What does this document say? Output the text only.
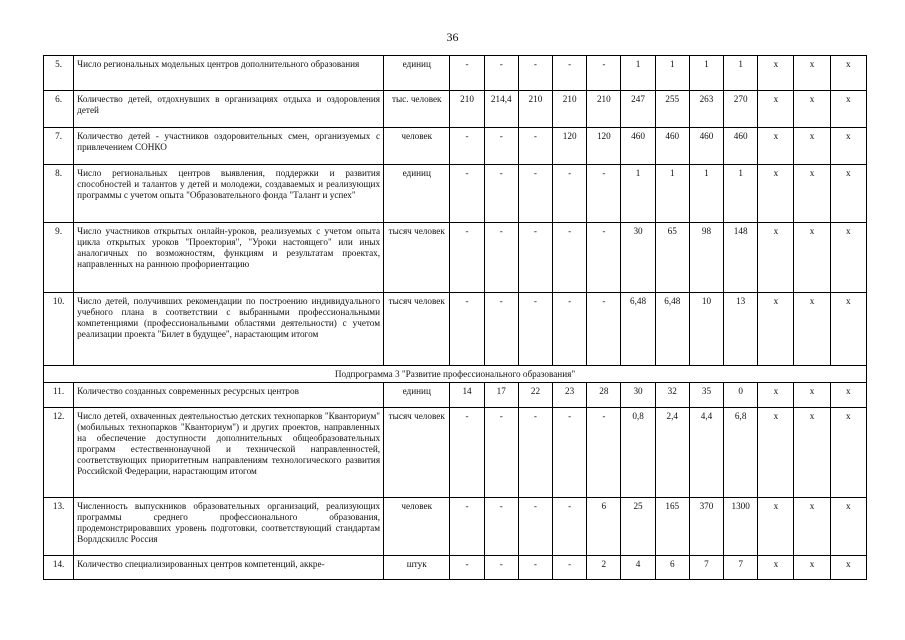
36
5.	Число региональных модельных центров дополнительного образования	единиц	-	-	-	-	-	1	1	1	1	x	x	x
6.	Количество детей, отдохнувших в организациях отдыха и оздоровления детей	тыс. человек	210	214,4	210	210	210	247	255	263	270	x	x	x
7.	Количество детей - участников оздоровительных смен, организуемых с привлечением СОНКО	человек	-	-	-	120	120	460	460	460	460	x	x	x
8.	Число региональных центров выявления, поддержки и развития способностей и талантов у детей и молодежи, создаваемых и реализующих программы с учетом опыта "Образовательного фонда "Талант и успех"	единиц	-	-	-	-	-	1	1	1	1	x	x	x
9.	Число участников открытых онлайн-уроков, реализуемых с учетом опыта цикла открытых уроков "Проектория", "Уроки настоящего" или иных аналогичных по возможностям, функциям и результатам проектах, направленных на раннюю профориентацию	тысяч человек	-	-	-	-	-	30	65	98	148	x	x	x
10.	Число детей, получивших рекомендации по построению индивидуального учебного плана в соответствии с выбранными профессиональными компетенциями (профессиональными областями деятельности) с учетом реализации проекта "Билет в будущее", нарастающим итогом	тысяч человек	-	-	-	-	-	6,48	6,48	10	13	x	x	x
Подпрограмма 3 "Развитие профессионального образования"														
11.	Количество созданных современных ресурсных центров	единиц	14	17	22	23	28	30	32	35	0	x	x	x
12.	Число детей, охваченных деятельностью детских технопарков "Кванториум" (мобильных технопарков "Кванториум") и других проектов, направленных на обеспечение доступности дополнительных общеобразовательных программ естественнонаучной и технической направленностей, соответствующих приоритетным направлениям технологического развития Российской Федерации, нарастающим итогом	тысяч человек	-	-	-	-	-	0,8	2,4	4,4	6,8	x	x	x
13.	Численность выпускников образовательных организаций, реализующих программы среднего профессионального образования, продемонстрировавших уровень подготовки, соответствующий стандартам Ворлдскиллс Россия	человек	-	-	-	-	6	25	165	370	1300	x	x	x
14.	Количество специализированных центров компетенций, аккре-	штук	-	-	-	-	2	4	6	7	7	x	x	x
